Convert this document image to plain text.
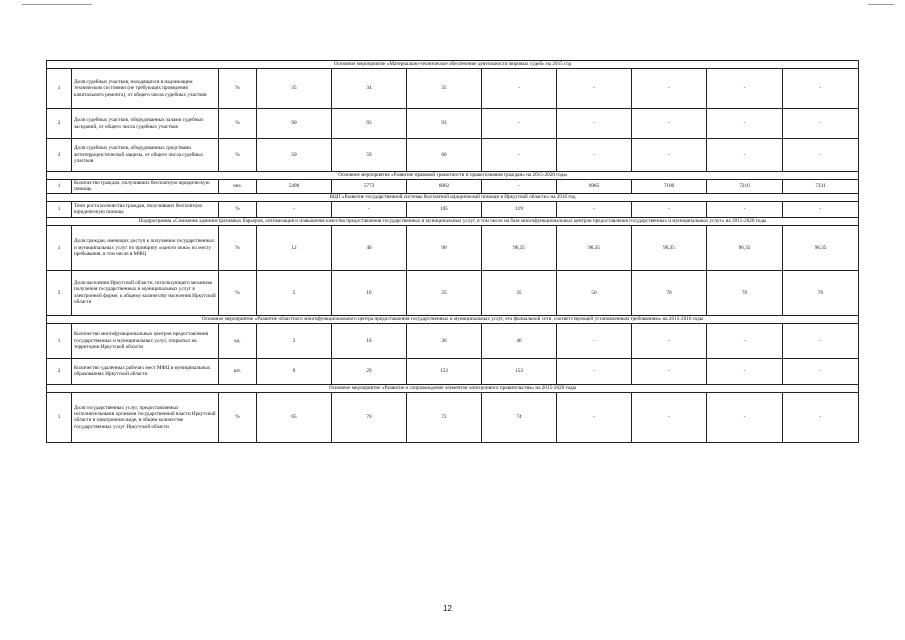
Основное мероприятие «Материально-техническое обеспечение деятельности мировых судей» на 2015 год										
1	Доля судебных участков, находящихся в надлежащем техническом состоянии (не требующих проведения капитального ремонта), от общего числа судебных участков	%	35	34	35	-	-	-	-	-
2	Доля судебных участков, оборудованных залами судебных заседаний, от общего числа судебных участков	%	90	93	93	-	-	-	-	-
3	Доля судебных участков, оборудованных средствами антитеррористической защиты, от общего числа судебных участков	%	50	59	60	-	-	-	-	-
Основное мероприятие «Развитие правовой грамотности и правосознания граждан» на 2015-2020 годы										
1	Количество граждан, получивших бесплатную юридическую помощь	чел.	5498	5773	6062	-	6985	7100	7216	7331
ВЦП «Развитие государственной системы бесплатной юридической помощи в Иркутской области» на 2016 год										
1	Темп роста количества граждан, получивших бесплатную юридическую помощь	%	-	-	105	119	-	-	-	-
Подпрограмма «Снижение административных барьеров, оптимизация и повышение качества предоставления государственных и муниципальных услуг, в том числе на базе многофункциональных центров предоставления государственных и муниципальных услуг» на 2015-2020 годы										
1	Доля граждан, имеющих доступ к получению государственных и муниципальных услуг по принципу «одного окна» по месту пребывания, в том числе в МФЦ	%	12	40	90	96,35	96,35	96,35	96,35	96,35
2	Доля населения Иркутской области, использующего механизм получения государственных и муниципальных услуг в электронной форме, к общему количеству населения Иркутской области	%	5	10	25	35	50	70	70	70
Основное мероприятие «Развитие областного многофункционального центра предоставления государственных и муниципальных услуг, его филиальной сети, соответствующей установленным требованиям» на 2015-2016 годы										
1	Количество многофункциональных центров предоставления государственных и муниципальных услуг, открытых на территории Иркутской области	ед.	2	18	36	46	-	-	-	-
2	Количество удаленных рабочих мест МФЦ в муниципальных образованиях Иркутской области	шт.	0	29	153	153	-	-	-	-
Основное мероприятие «Развитие и сопровождение элементов электронного правительства» на 2015-2020 годы										
1	Доля государственных услуг, предоставляемых исполнительными органами государственной власти Иркутской области в электронном виде, в общем количестве государственных услуг Иркутской области	%	65	70	72	74	-	-	-	-
12
